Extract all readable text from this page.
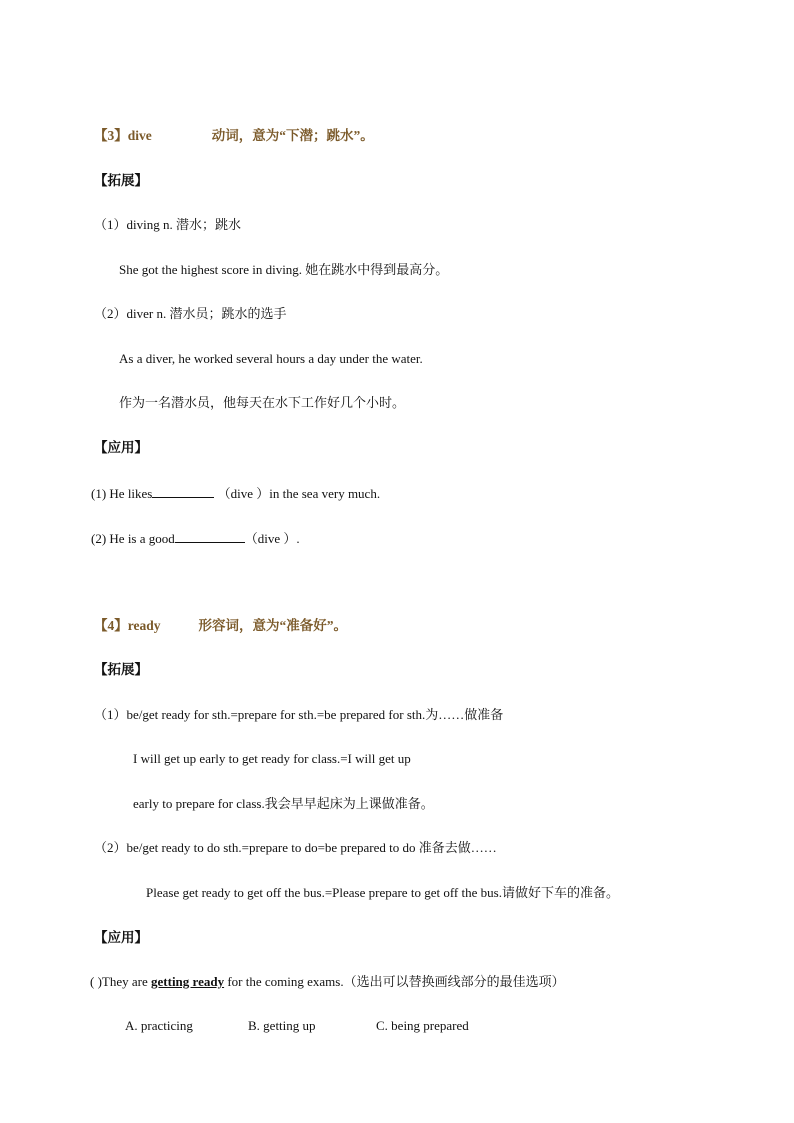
【3】dive	动词，意为“下潜；跳水”。
【拓展】
（1）diving n. 潜水；跳水
She got the highest score in diving. 她在跳水中得到最高分。
（2）diver n. 潜水员；跳水的选手
As a diver, he worked several hours a day under the water.
作为一名潜水员，他每天在水下工作好几个小时。
【应用】
(1) He likes	（dive ）in the sea very much.
(2) He is a good	（dive ）.
【4】ready	形容词，意为“准备好”。
【拓展】
（1）be/get ready for sth.=prepare for sth.=be prepared for sth.为……做准备
I will get up early to get ready for class.=I will get up
early to prepare for class.我会早早起床为上课做准备。
（2）be/get ready to do sth.=prepare to do=be prepared to do 准备去做……
Please get ready to get off the bus.=Please prepare to get off the bus.请做好下车的准备。
【应用】
( )They are getting ready for the coming exams.（选出可以替换画线部分的最佳选项）
A. practicing	B. getting up	C. being prepared
